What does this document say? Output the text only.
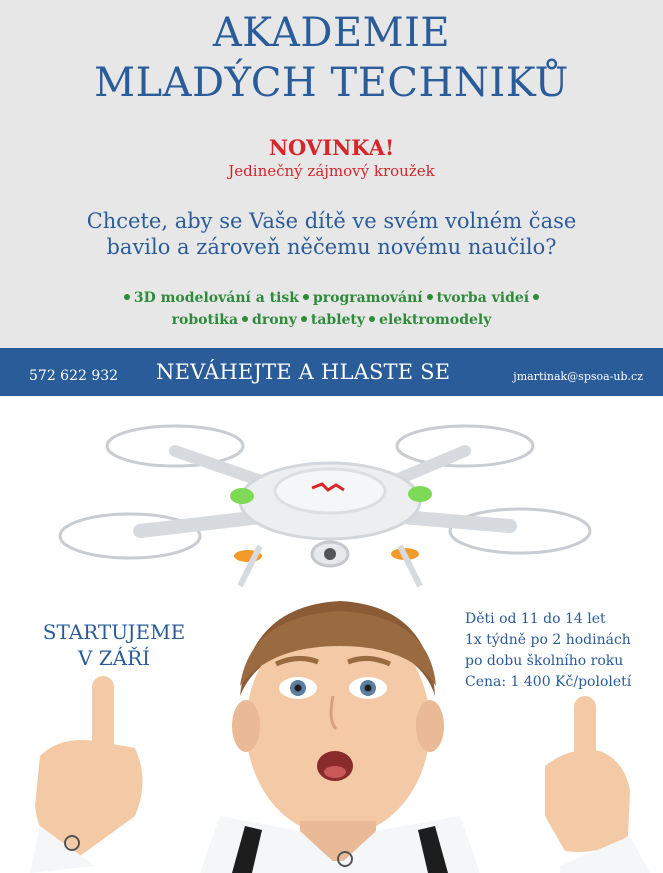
AKADEMIE
MLADÝCH TECHNIKŮ
NOVINKA!
Jedinečný zájmový kroužek
Chcete, aby se Vaše dítě ve svém volném čase
bavilo a zároveň něčemu novému naučilo?
3D modelování a tisk programování tvorba videí
robotika drony tablety elektromodely
572 622 932 NEVÁHEJTE A HLASTE SE	jmartinak@spsoa-ub.cz
STARTUJEME
V ZÁŘÍ
Děti od 11 do 14 let
1x týdně po 2 hodinách
po dobu školního roku
Cena: 1 400 Kč/pololetí
